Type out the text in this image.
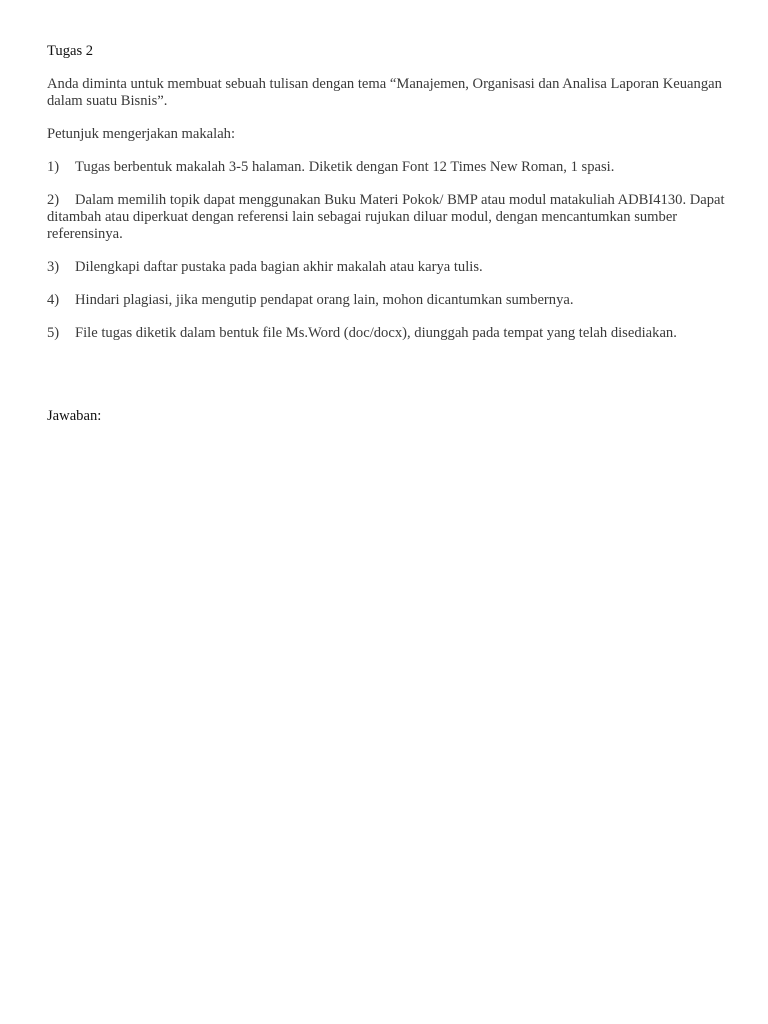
Tugas 2

Anda diminta untuk membuat sebuah tulisan dengan tema “Manajemen, Organisasi dan Analisa Laporan Keuangan dalam suatu Bisnis”.

Petunjuk mengerjakan makalah:

1) Tugas berbentuk makalah 3-5 halaman. Diketik dengan Font 12 Times New Roman, 1 spasi.
2) Dalam memilih topik dapat menggunakan Buku Materi Pokok/ BMP atau modul matakuliah ADBI4130. Dapat ditambah atau diperkuat dengan referensi lain sebagai rujukan diluar modul, dengan mencantumkan sumber referensinya.
3) Dilengkapi daftar pustaka pada bagian akhir makalah atau karya tulis.
4) Hindari plagiasi, jika mengutip pendapat orang lain, mohon dicantumkan sumbernya.
5) File tugas diketik dalam bentuk file Ms.Word (doc/docx), diunggah pada tempat yang telah disediakan.

Jawaban:
